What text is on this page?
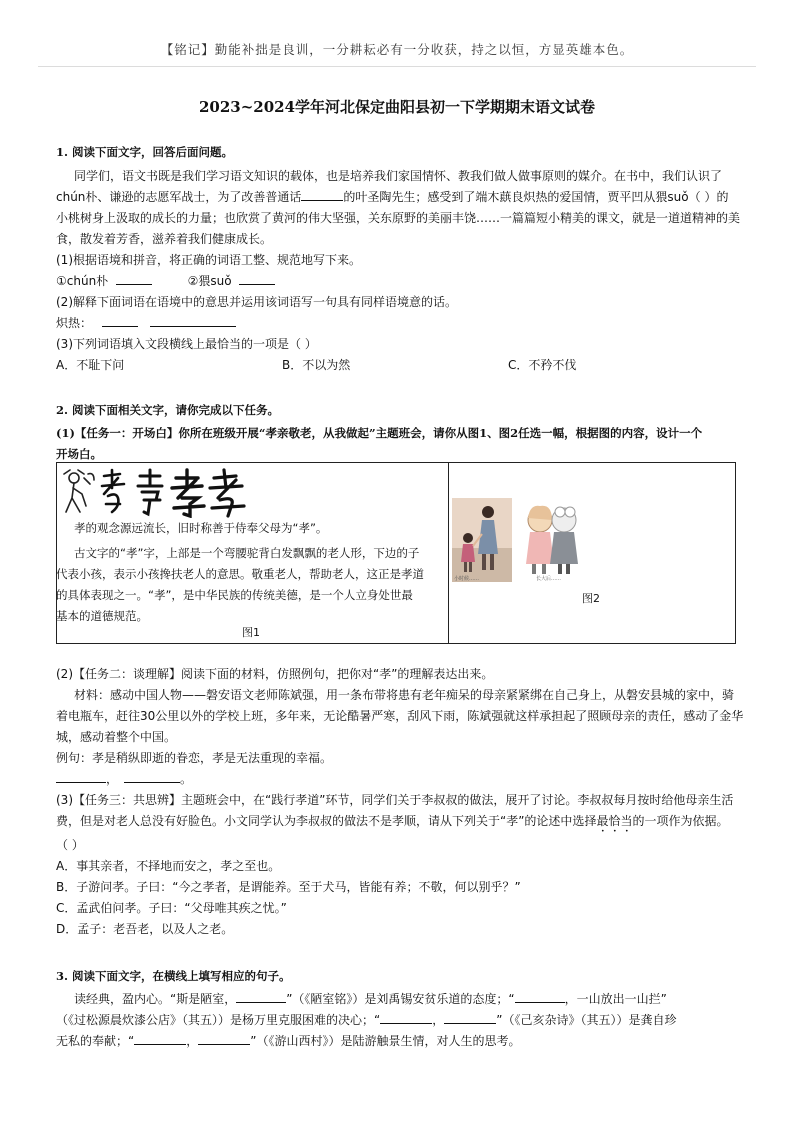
【铭记】勤能补拙是良训，一分耕耘必有一分收获，持之以恒，方显英雄本色。
2023~2024学年河北保定曲阳县初一下学期期末语文试卷
1. 阅读下面文字，回答后面问题。
同学们，语文书既是我们学习语文知识的载体，也是培养我们家国情怀、教我们做人做事原则的媒介。在书中，我们认识了
chún朴、谦逊的志愿军战士，为了改善普通话	的叶圣陶先生；感受到了端木蕻良炽热的爱国情，贾平凹从猥suǒ（ ）的
小桃树身上汲取的成长的力量；也欣赏了黄河的伟大坚强，关东原野的美丽丰饶……一篇篇短小精美的课文，就是一道道精神的美
食，散发着芳香，滋养着我们健康成长。
(1)根据语境和拼音，将正确的词语工整、规范地写下来。
①chún朴	②猥suǒ
(2)解释下面词语在语境中的意思并运用该词语写一句具有同样语境意的话。
炽热：
(3)下列词语填入文段横线上最恰当的一项是（ ）
A．不耻下问	B．不以为然	C．不矜不伐
2. 阅读下面相关文字，请你完成以下任务。
(1)【任务一：开场白】你所在班级开展“孝亲敬老，从我做起”主题班会，请你从图1、图2任选一幅，根据图的内容，设计一个
开场白。
孝的观念源远流长，旧时称善于侍奉父母为“孝”。
古文字的“孝”字，上部是一个弯腰驼背白发飘飘的老人形，下边的子
代表小孩，表示小孩搀扶老人的意思。敬重老人，帮助老人，这正是孝道
的具体表现之一。“孝”，是中华民族的传统美德，是一个人立身处世最
基本的道德规范。
图1
小时候……	长大后……
图2
(2)【任务二：谈理解】阅读下面的材料，仿照例句，把你对“孝”的理解表达出来。
材料：感动中国人物——磐安语文老师陈斌强，用一条布带将患有老年痴呆的母亲紧紧绑在自己身上，从磐安县城的家中，骑
着电瓶车，赶往30公里以外的学校上班，多年来，无论酷暑严寒，刮风下雨，陈斌强就这样承担起了照顾母亲的责任，感动了金华
城，感动着整个中国。
例句：孝是稍纵即逝的眷恋，孝是无法重现的幸福。
，	。
(3)【任务三：共思辨】主题班会中，在“践行孝道”环节，同学们关于李叔叔的做法，展开了讨论。李叔叔每月按时给他母亲生活
费，但是对老人总没有好脸色。小文同学认为李叔叔的做法不是孝顺，请从下列关于“孝”的论述中选择最恰当的一项作为依据。
（ ）
A．事其亲者，不择地而安之，孝之至也。
B．子游问孝。子曰：“今之孝者，是谓能养。至于犬马，皆能有养；不敬，何以别乎？”
C．孟武伯问孝。子曰：“父母唯其疾之忧。”
D．孟子：老吾老，以及人之老。
3. 阅读下面文字，在横线上填写相应的句子。
读经典，盈内心。“斯是陋室，	”（《陋室铭》）是刘禹锡安贫乐道的态度；“	，一山放出一山拦”
（《过松源晨炊漆公店》（其五））是杨万里克服困难的决心；“	，	”（《己亥杂诗》（其五））是龚自珍
无私的奉献；“	，	”（《游山西村》）是陆游触景生情，对人生的思考。
